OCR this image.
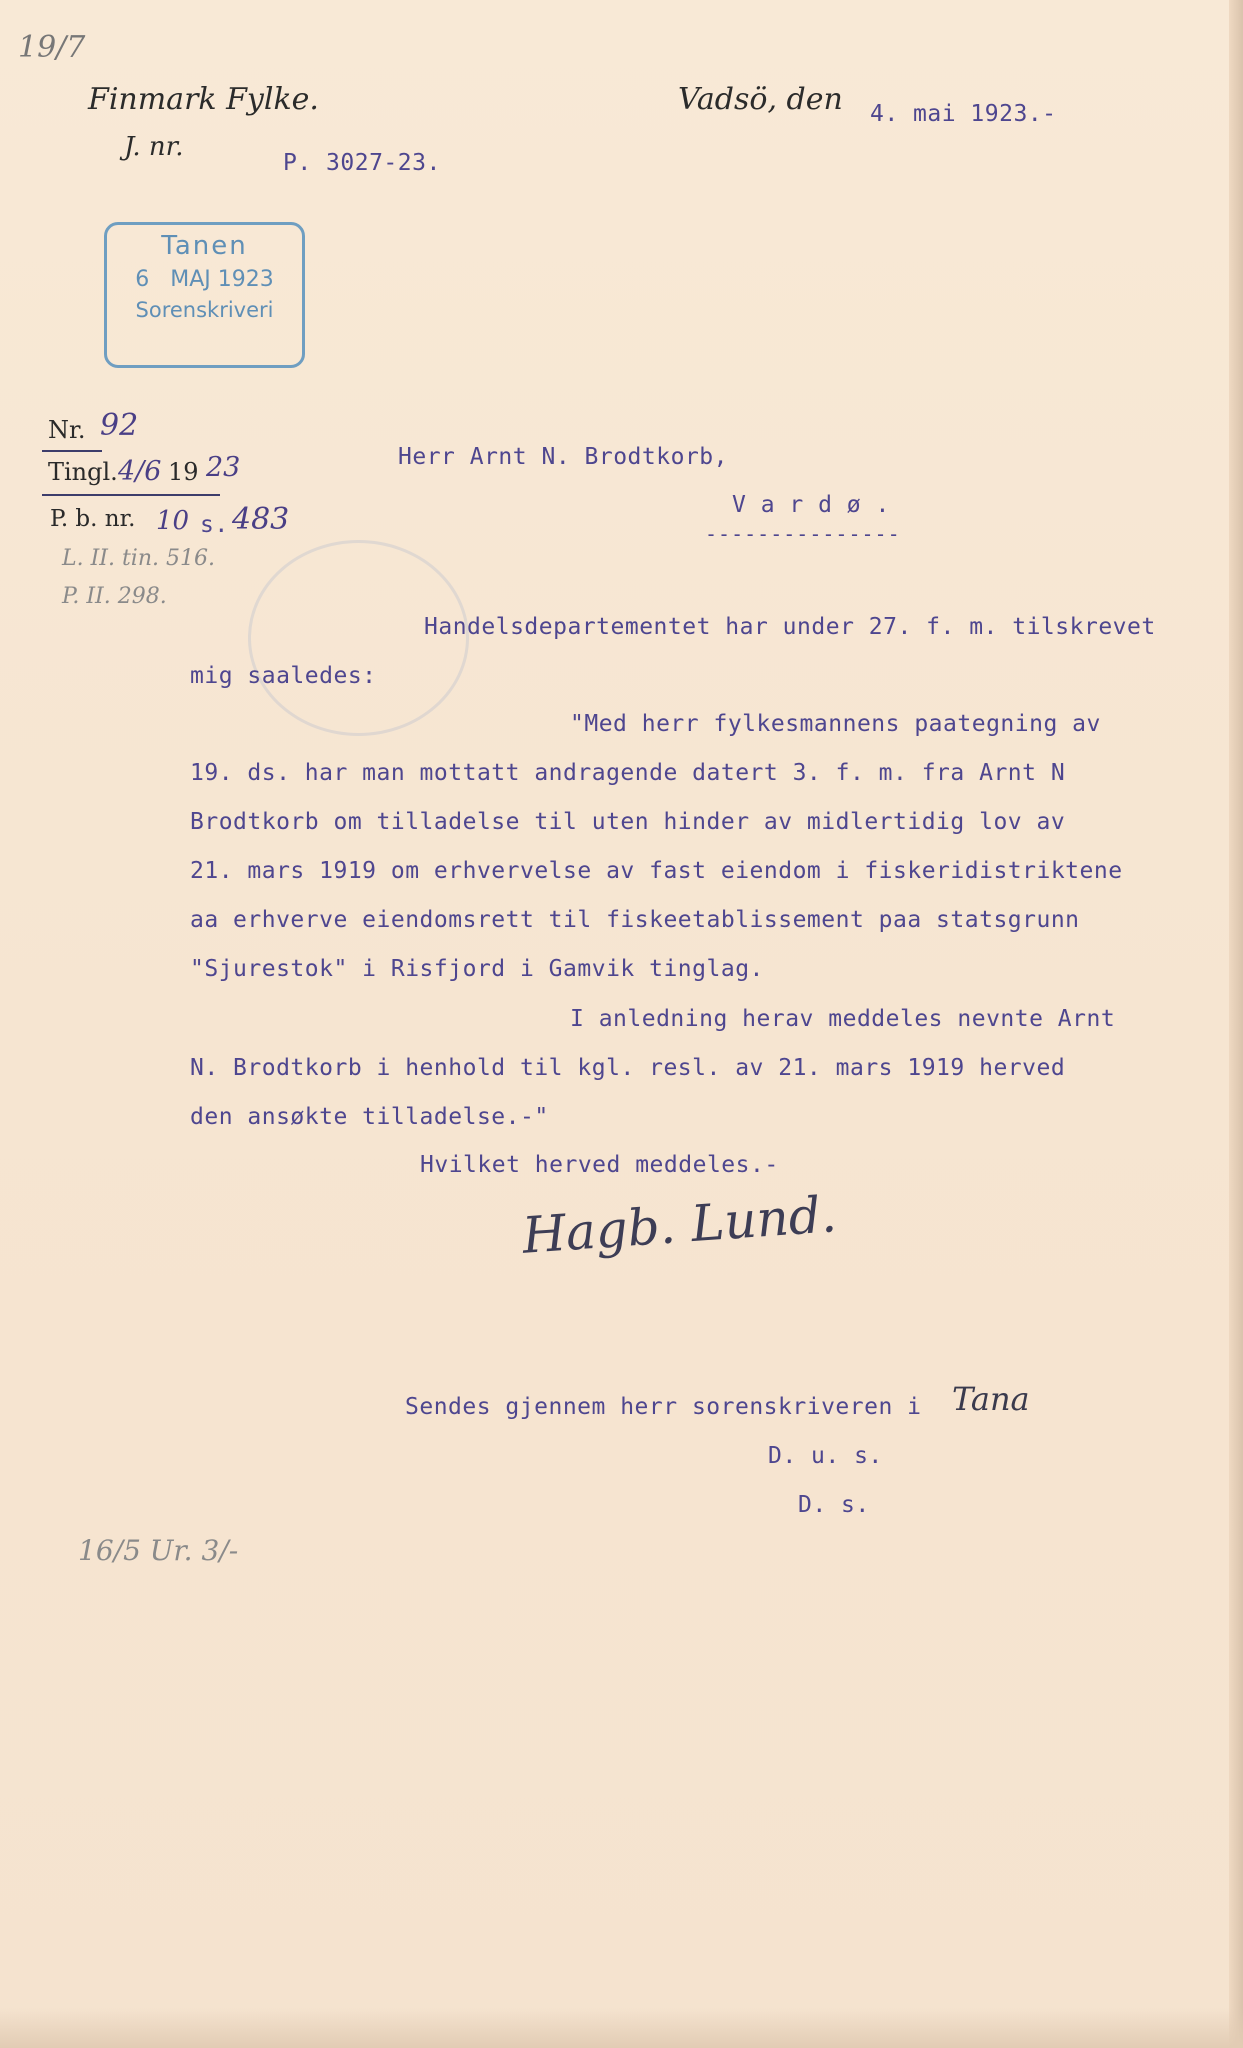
19/7
Finmark Fylke.
J. nr.
P. 3027-23.
Vadsö, den 4. mai 1923.-
Tanen
6 MAJ 1923
Sorenskriveri
Nr. 92
Tingl. 4/6 19 23
P. b. nr. 10 s. 483
L. II. tin. 516.
P. II. 298.
Herr Arnt N. Brodtkorb,
V a r d ø .
---------------
Handelsdepartementet har under 27. f. m. tilskrevet
mig saaledes:
"Med herr fylkesmannens paategning av
19. ds. har man mottatt andragende datert 3. f. m. fra Arnt N
Brodtkorb om tilladelse til uten hinder av midlertidig lov av
21. mars 1919 om erhvervelse av fast eiendom i fiskeridistriktene
aa erhverve eiendomsrett til fiskeetablissement paa statsgrunn
"Sjurestok" i Risfjord i Gamvik tinglag.
I anledning herav meddeles nevnte Arnt
N. Brodtkorb i henhold til kgl. resl. av 21. mars 1919 herved
den ansøkte tilladelse.-"
Hvilket herved meddeles.-
Hagb. Lund.
Sendes gjennem herr sorenskriveren i Tana
D. u. s.
D. s.
16/5 Ur. 3/-
